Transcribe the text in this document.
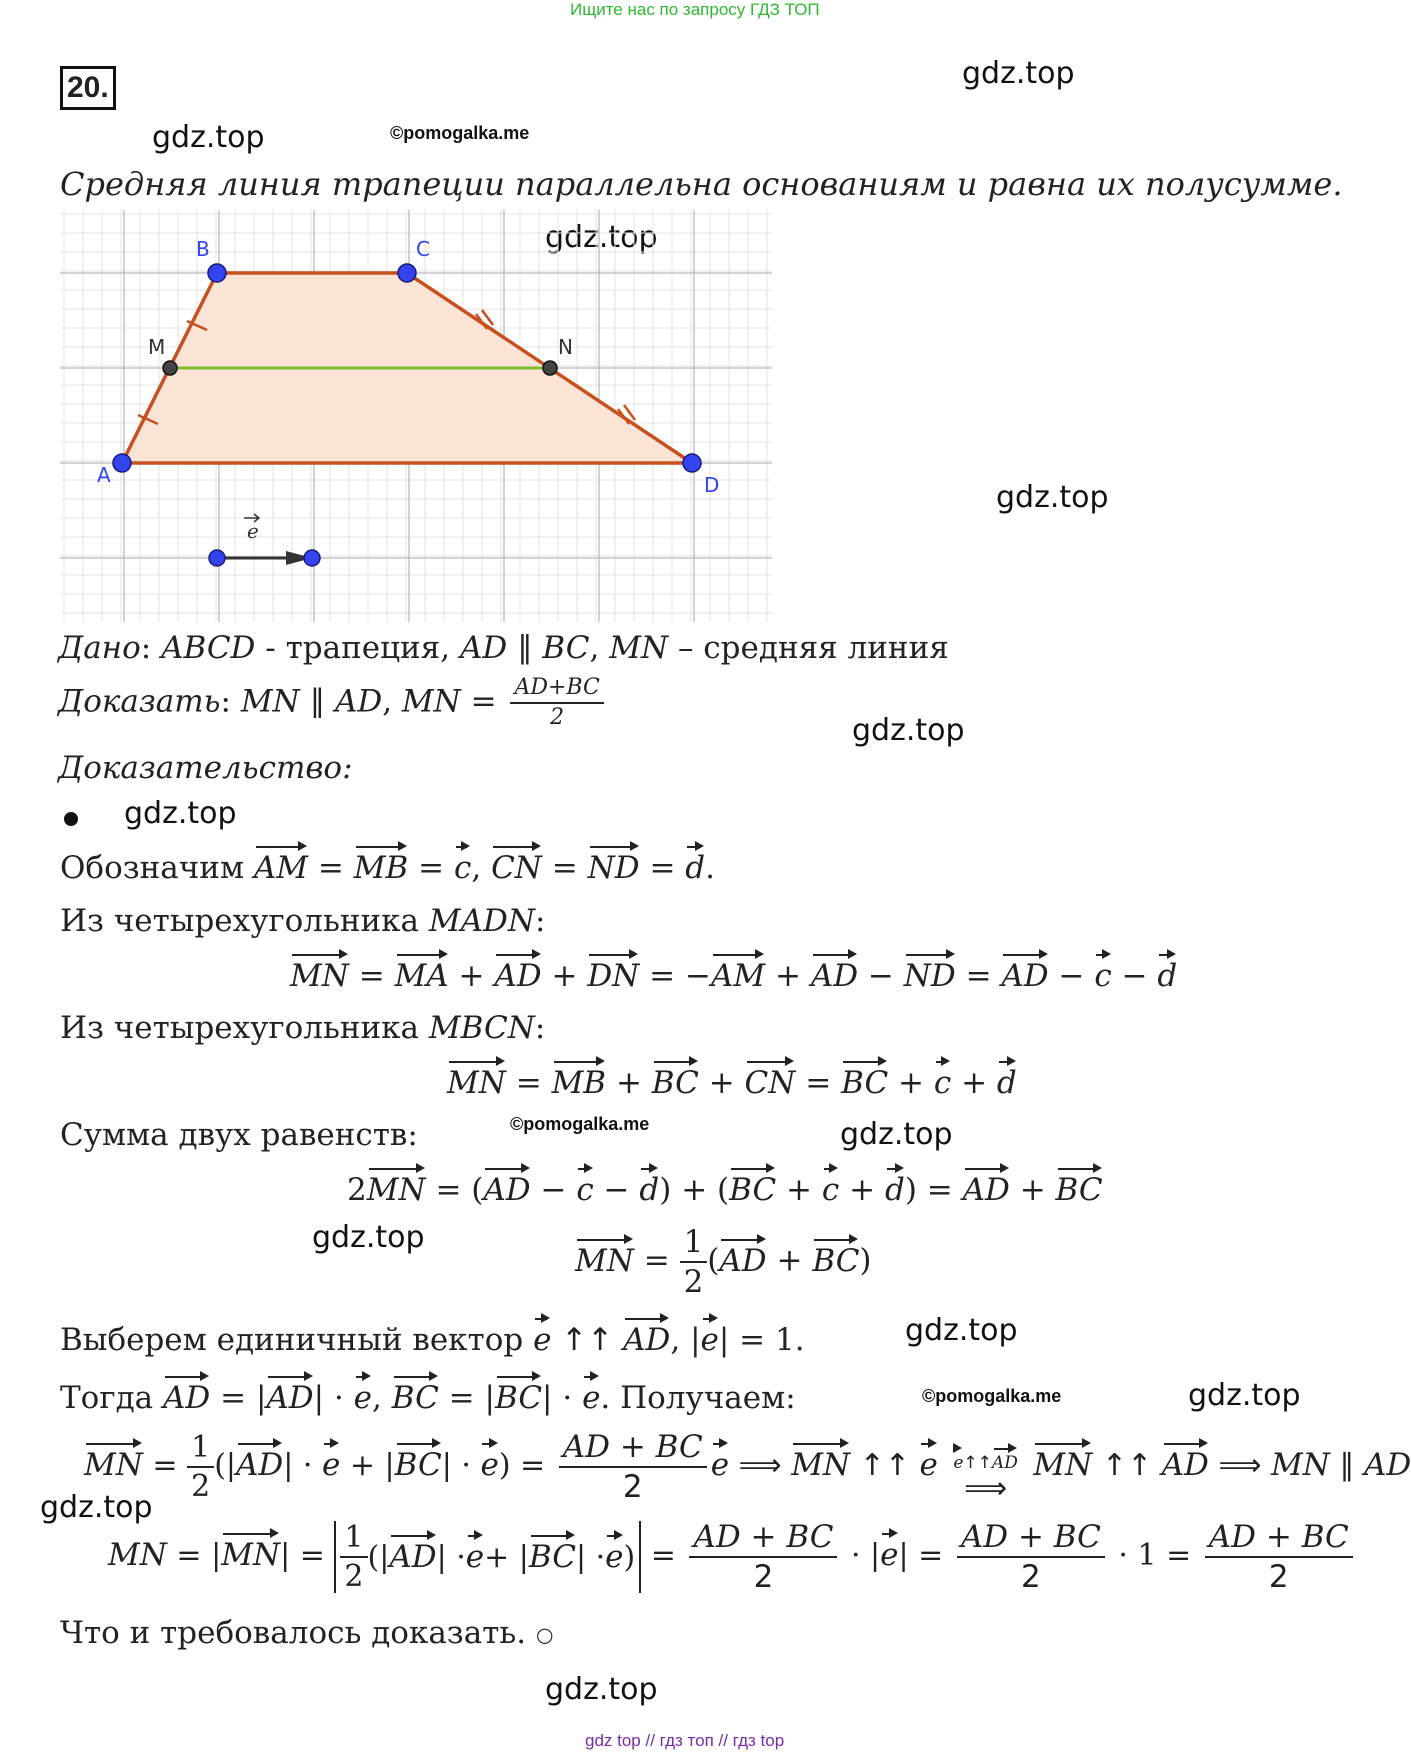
Ищите нас по запросу ГДЗ ТОП
20.	gdz.top
gdz.top	©pomogalka.me
gdz.top
gdz.top
gdz.top
gdz.top
©pomogalka.me	gdz.top
gdz.top
gdz.top
©pomogalka.me	gdz.top
gdz.top
gdz.top
Средняя линия трапеции параллельна основаниям и равна их полусумме.
A
B	C
D
M	N
e
Дано: ABCD - трапеция, AD ∥ BC, MN – средняя линия
Доказать: MN ∥ AD, MN = $\frac{AD+BC}{2}$
Доказательство:
Обозначим AM = MB = c, CN = ND = d.
Из четырехугольника MADN:
MN = MA + AD + DN = −AM + AD − ND = AD − c − d
Из четырехугольника MBCN:
MN = MB + BC + CN = BC + c + d
Сумма двух равенств:
2MN = (AD − c − d) + (BC + c + d) = AD + BC
MN = $\frac{1}{2} (AD + BC)$
Выберем единичный вектор e ↑↑ AD, |e| = 1.
Тогда AD = |AD| · e, BC = |BC| · e. Получаем:
MN = $\frac{1}{2} (|AD| \cdot e + |BC| \cdot e) = \frac{AD + BC}{2}$ e ⟹ MN ↑↑ e e↑↑AD
⟹
MN ↑↑ AD ⟹ MN ∥ AD
MN = $|MN| = \frac{1}{2}$ (| AD | · e + | BC | · e ) = $\frac{AD + BC}{2} \cdot |e| = \frac{AD + BC}{2} \cdot 1 = \frac{AD + BC}{2}$
Что и требовалось доказать. ○
gdz top // гдз топ // гдз top
